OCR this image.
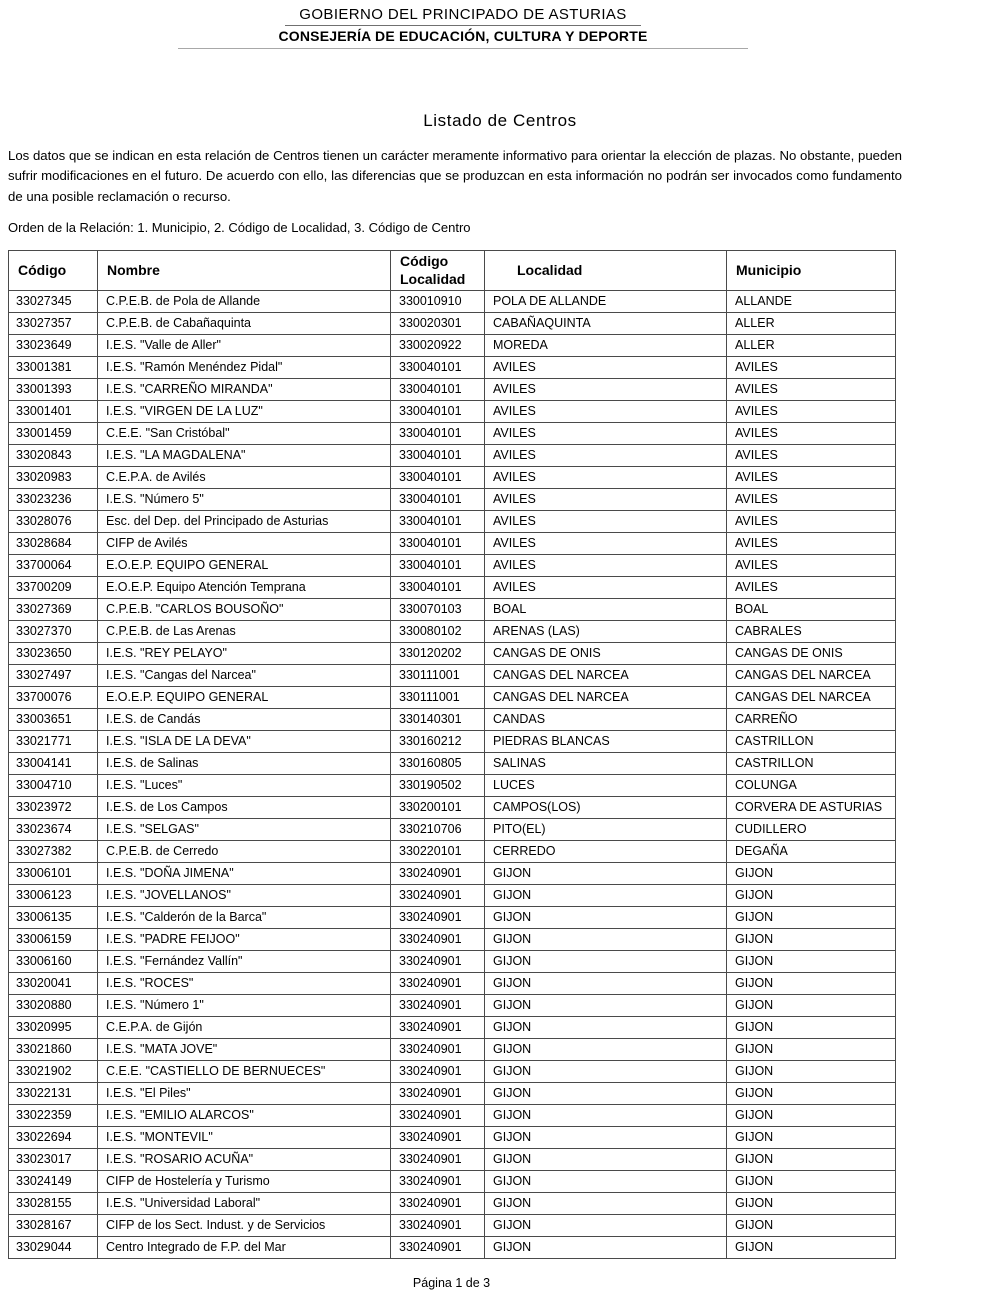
GOBIERNO DEL PRINCIPADO DE ASTURIAS
CONSEJERÍA DE EDUCACIÓN, CULTURA Y DEPORTE
Listado de Centros

Los datos que se indican en esta relación de Centros tienen un carácter meramente informativo para orientar la elección de plazas. No obstante, pueden sufrir modificaciones en el futuro. De acuerdo con ello, las diferencias que se produzcan en esta información no podrán ser invocados como fundamento de una posible reclamación o recurso.

Orden de la Relación: 1. Municipio, 2. Código de Localidad, 3. Código de Centro

Código	Nombre	Código Localidad	Localidad	Municipio
33027345	C.P.E.B. de Pola de Allande	330010910	POLA DE ALLANDE	ALLANDE
33027357	C.P.E.B. de Cabañaquinta	330020301	CABAÑAQUINTA	ALLER
33023649	I.E.S. "Valle de Aller"	330020922	MOREDA	ALLER
33001381	I.E.S. "Ramón Menéndez Pidal"	330040101	AVILES	AVILES
33001393	I.E.S. "CARREÑO MIRANDA"	330040101	AVILES	AVILES
33001401	I.E.S. "VIRGEN DE LA LUZ"	330040101	AVILES	AVILES
33001459	C.E.E. "San Cristóbal"	330040101	AVILES	AVILES
33020843	I.E.S. "LA MAGDALENA"	330040101	AVILES	AVILES
33020983	C.E.P.A. de Avilés	330040101	AVILES	AVILES
33023236	I.E.S. "Número 5"	330040101	AVILES	AVILES
33028076	Esc. del Dep. del Principado de Asturias	330040101	AVILES	AVILES
33028684	CIFP de Avilés	330040101	AVILES	AVILES
33700064	E.O.E.P. EQUIPO GENERAL	330040101	AVILES	AVILES
33700209	E.O.E.P. Equipo Atención Temprana	330040101	AVILES	AVILES
33027369	C.P.E.B. "CARLOS BOUSOÑO"	330070103	BOAL	BOAL
33027370	C.P.E.B. de Las Arenas	330080102	ARENAS (LAS)	CABRALES
33023650	I.E.S. "REY PELAYO"	330120202	CANGAS DE ONIS	CANGAS DE ONIS
33027497	I.E.S. "Cangas del Narcea"	330111001	CANGAS DEL NARCEA	CANGAS DEL NARCEA
33700076	E.O.E.P. EQUIPO GENERAL	330111001	CANGAS DEL NARCEA	CANGAS DEL NARCEA
33003651	I.E.S. de Candás	330140301	CANDAS	CARREÑO
33021771	I.E.S. "ISLA DE LA DEVA"	330160212	PIEDRAS BLANCAS	CASTRILLON
33004141	I.E.S. de Salinas	330160805	SALINAS	CASTRILLON
33004710	I.E.S. "Luces"	330190502	LUCES	COLUNGA
33023972	I.E.S. de Los Campos	330200101	CAMPOS(LOS)	CORVERA DE ASTURIAS
33023674	I.E.S. "SELGAS"	330210706	PITO(EL)	CUDILLERO
33027382	C.P.E.B. de Cerredo	330220101	CERREDO	DEGAÑA
33006101	I.E.S. "DOÑA JIMENA"	330240901	GIJON	GIJON
33006123	I.E.S. "JOVELLANOS"	330240901	GIJON	GIJON
33006135	I.E.S. "Calderón de la Barca"	330240901	GIJON	GIJON
33006159	I.E.S. "PADRE FEIJOO"	330240901	GIJON	GIJON
33006160	I.E.S. "Fernández Vallín"	330240901	GIJON	GIJON
33020041	I.E.S. "ROCES"	330240901	GIJON	GIJON
33020880	I.E.S. "Número 1"	330240901	GIJON	GIJON
33020995	C.E.P.A. de Gijón	330240901	GIJON	GIJON
33021860	I.E.S. "MATA JOVE"	330240901	GIJON	GIJON
33021902	C.E.E. "CASTIELLO DE BERNUECES"	330240901	GIJON	GIJON
33022131	I.E.S. "El Piles"	330240901	GIJON	GIJON
33022359	I.E.S. "EMILIO ALARCOS"	330240901	GIJON	GIJON
33022694	I.E.S. "MONTEVIL"	330240901	GIJON	GIJON
33023017	I.E.S. "ROSARIO ACUÑA"	330240901	GIJON	GIJON
33024149	CIFP de Hostelería y Turismo	330240901	GIJON	GIJON
33028155	I.E.S. "Universidad Laboral"	330240901	GIJON	GIJON
33028167	CIFP de los Sect. Indust. y de Servicios	330240901	GIJON	GIJON
33029044	Centro Integrado de F.P. del Mar	330240901	GIJON	GIJON
Página 1 de 3
